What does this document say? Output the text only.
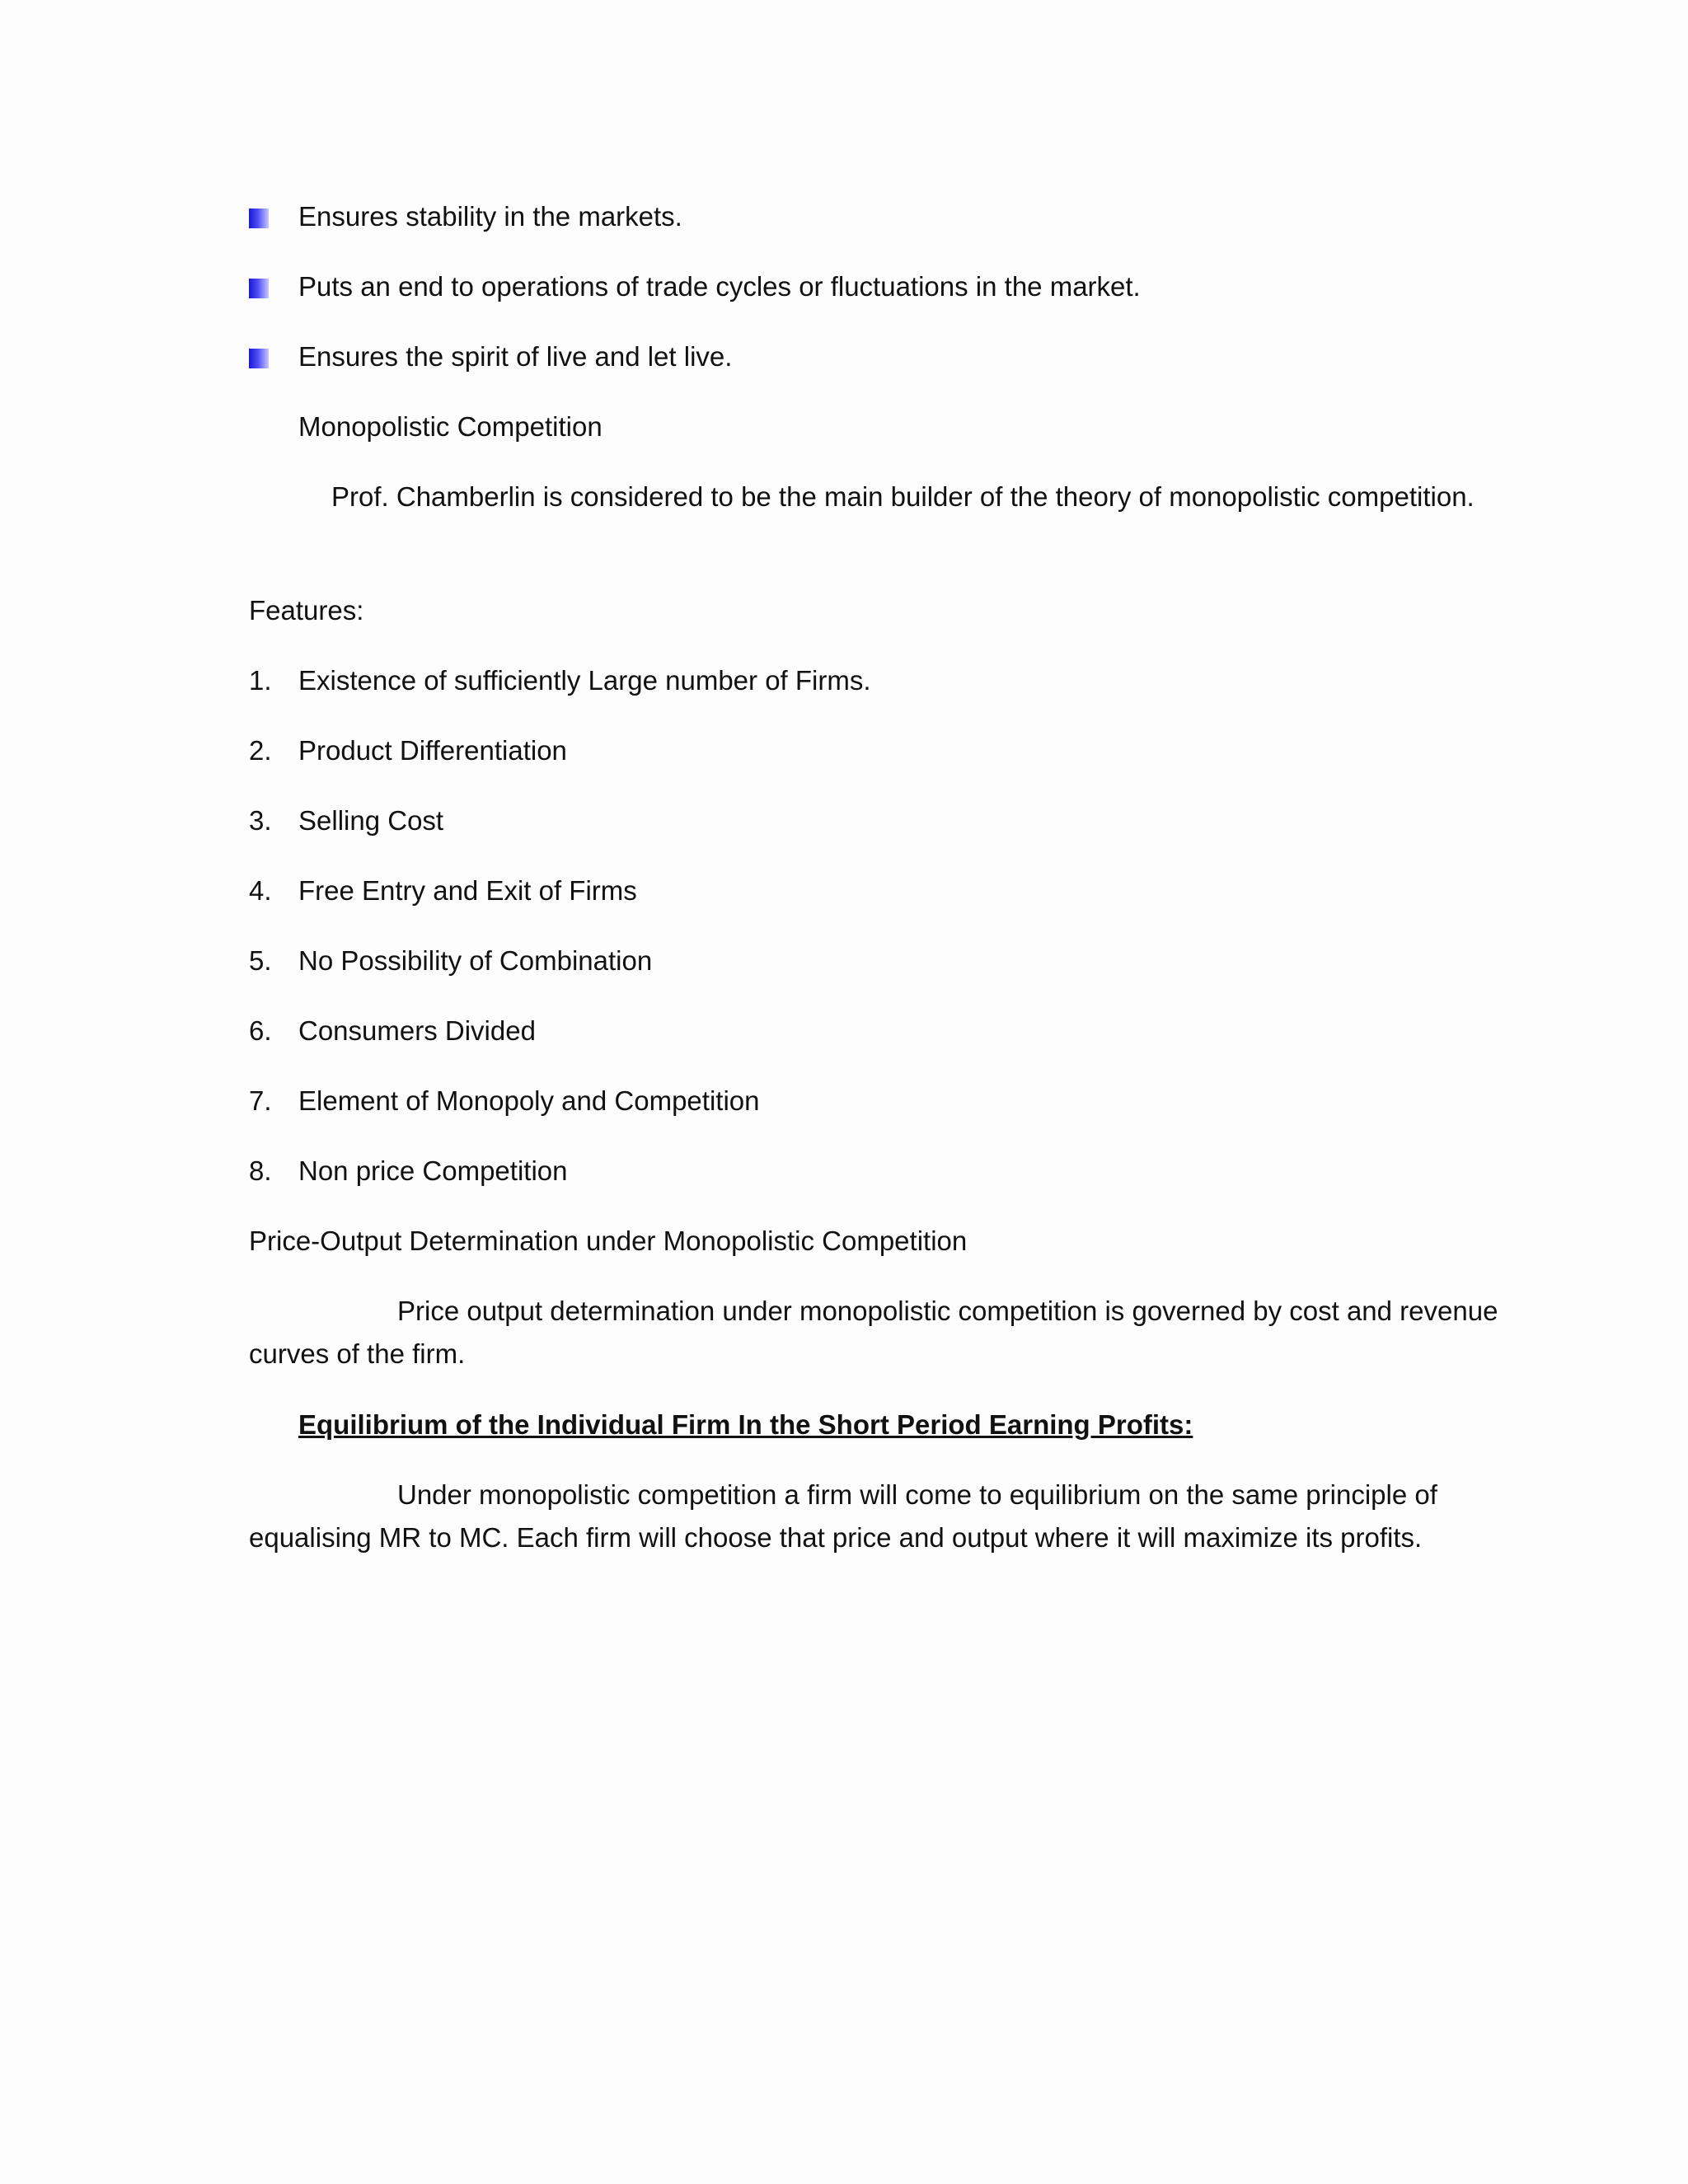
Ensures stability in the markets.
Puts an end to operations of trade cycles or fluctuations in the market.
Ensures the spirit of live and let live.
Monopolistic Competition
Prof. Chamberlin is considered to be the main builder of the theory of monopolistic competition.
Features:
1. Existence of sufficiently Large number of Firms.
2. Product Differentiation
3. Selling Cost
4. Free Entry and Exit of Firms
5. No Possibility of Combination
6. Consumers Divided
7. Element of Monopoly and Competition
8. Non price Competition
Price-Output Determination under Monopolistic Competition
Price output determination under monopolistic competition is governed by cost and revenue curves of the firm.
Equilibrium of the Individual Firm In the Short Period Earning Profits:
Under monopolistic competition a firm will come to equilibrium on the same principle of equalising MR to MC. Each firm will choose that price and output where it will maximize its profits.
